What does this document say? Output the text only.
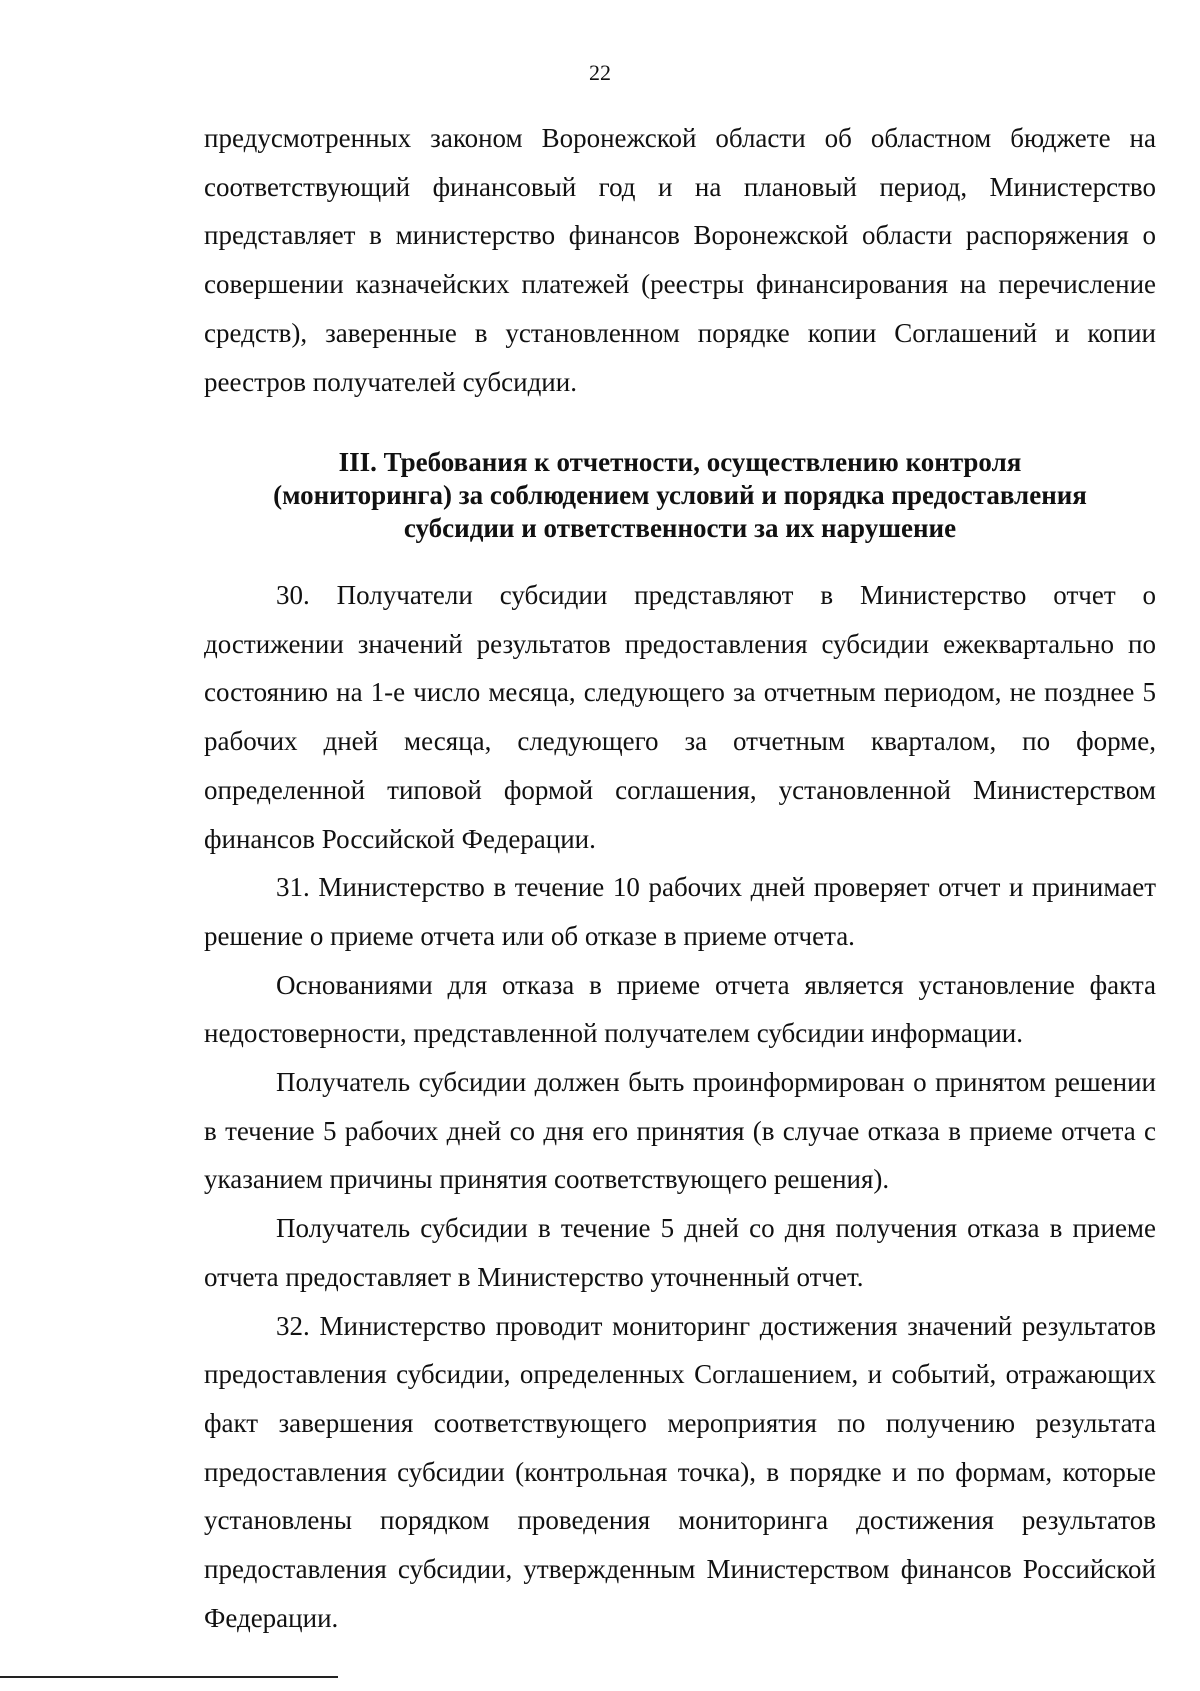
22

предусмотренных законом Воронежской области об областном бюджете на соответствующий финансовый год и на плановый период, Министерство представляет в министерство финансов Воронежской области распоряжения о совершении казначейских платежей (реестры финансирования на перечисление средств), заверенные в установленном порядке копии Соглашений и копии реестров получателей субсидии.

III. Требования к отчетности, осуществлению контроля
(мониторинга) за соблюдением условий и порядка предоставления
субсидии и ответственности за их нарушение

30. Получатели субсидии представляют в Министерство отчет о достижении значений результатов предоставления субсидии ежеквартально по состоянию на 1-е число месяца, следующего за отчетным периодом, не позднее 5 рабочих дней месяца, следующего за отчетным кварталом, по форме, определенной типовой формой соглашения, установленной Министерством финансов Российской Федерации.

31. Министерство в течение 10 рабочих дней проверяет отчет и принимает решение о приеме отчета или об отказе в приеме отчета.

Основаниями для отказа в приеме отчета является установление факта недостоверности, представленной получателем субсидии информации.

Получатель субсидии должен быть проинформирован о принятом решении в течение 5 рабочих дней со дня его принятия (в случае отказа в приеме отчета с указанием причины принятия соответствующего решения).

Получатель субсидии в течение 5 дней со дня получения отказа в приеме отчета предоставляет в Министерство уточненный отчет.

32. Министерство проводит мониторинг достижения значений результатов предоставления субсидии, определенных Соглашением, и событий, отражающих факт завершения соответствующего мероприятия по получению результата предоставления субсидии (контрольная точка), в порядке и по формам, которые установлены порядком проведения мониторинга достижения результатов предоставления субсидии, утвержденным Министерством финансов Российской Федерации.
